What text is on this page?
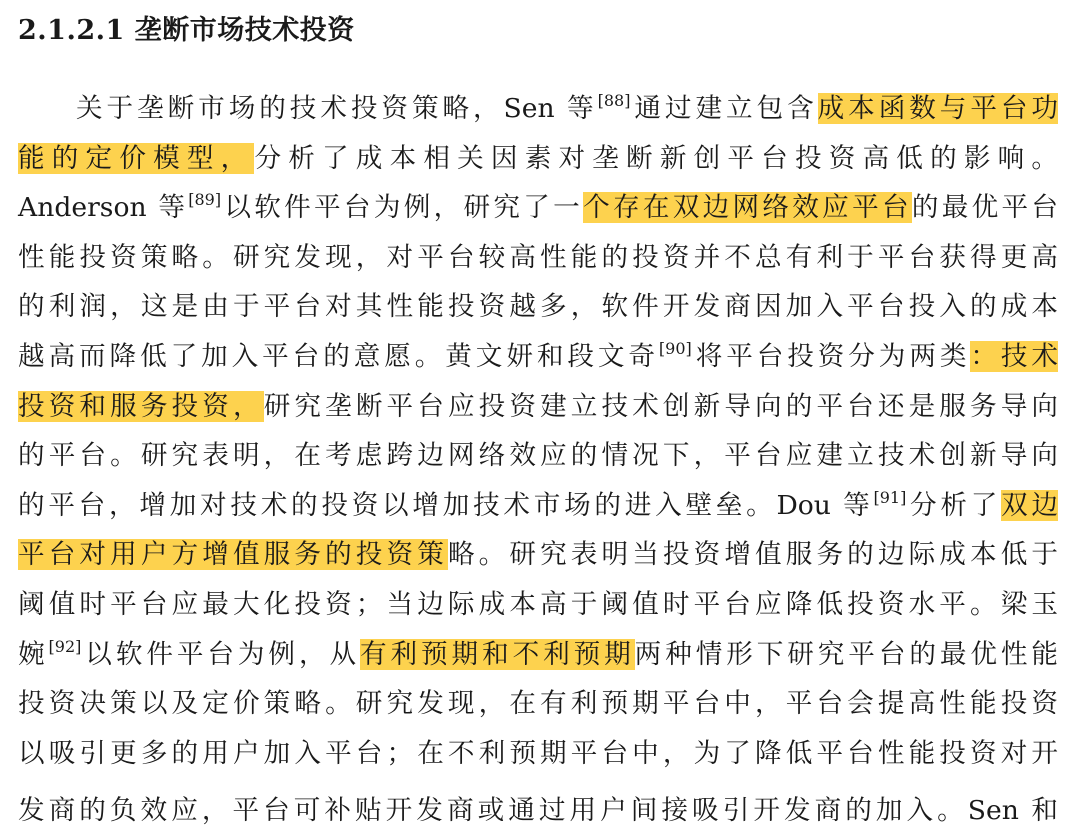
2.1.2.1 垄断市场技术投资
关于垄断市场的技术投资策略，Sen 等[88]通过建立包含成本函数与平台功
能的定价模型，分析了成本相关因素对垄断新创平台投资高低的影响。
Anderson 等[89]以软件平台为例，研究了一个存在双边网络效应平台的最优平台
性能投资策略。研究发现，对平台较高性能的投资并不总有利于平台获得更高
的利润，这是由于平台对其性能投资越多，软件开发商因加入平台投入的成本
越高而降低了加入平台的意愿。黄文妍和段文奇[90]将平台投资分为两类：技术
投资和服务投资，研究垄断平台应投资建立技术创新导向的平台还是服务导向
的平台。研究表明，在考虑跨边网络效应的情况下，平台应建立技术创新导向
的平台，增加对技术的投资以增加技术市场的进入壁垒。Dou 等[91]分析了双边
平台对用户方增值服务的投资策略。研究表明当投资增值服务的边际成本低于
阈值时平台应最大化投资；当边际成本高于阈值时平台应降低投资水平。梁玉
婉[92]以软件平台为例，从有利预期和不利预期两种情形下研究平台的最优性能
投资决策以及定价策略。研究发现，在有利预期平台中，平台会提高性能投资
以吸引更多的用户加入平台；在不利预期平台中，为了降低平台性能投资对开
发商的负效应，平台可补贴开发商或通过用户间接吸引开发商的加入。Sen 和
